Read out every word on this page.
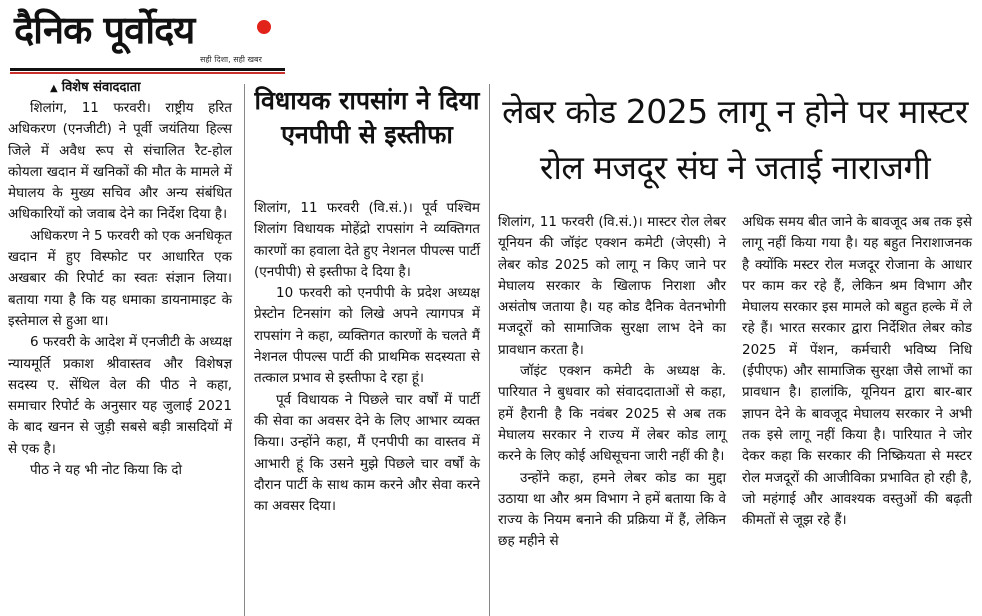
दैनिक पूर्वोदय
सही दिशा, सही खबर
▲ विशेष संवाददाता

शिलांग, 11 फरवरी। राष्ट्रीय हरित अधिकरण (एनजीटी) ने पूर्वी जयंतिया हिल्स जिले में अवैध रूप से संचालित रैट-होल कोयला खदान में खनिकों की मौत के मामले में मेघालय के मुख्य सचिव और अन्य संबंधित अधिकारियों को जवाब देने का निर्देश दिया है।

अधिकरण ने 5 फरवरी को एक अनधिकृत खदान में हुए विस्फोट पर आधारित एक अखबार की रिपोर्ट का स्वतः संज्ञान लिया। बताया गया है कि यह धमाका डायनामाइट के इस्तेमाल से हुआ था।

6 फरवरी के आदेश में एनजीटी के अध्यक्ष न्यायमूर्ति प्रकाश श्रीवास्तव और विशेषज्ञ सदस्य ए. सेंथिल वेल की पीठ ने कहा, समाचार रिपोर्ट के अनुसार यह जुलाई 2021 के बाद खनन से जुड़ी सबसे बड़ी त्रासदियों में से एक है।

पीठ ने यह भी नोट किया कि दो

विधायक रापसांग ने दिया एनपीपी से इस्तीफा

शिलांग, 11 फरवरी (वि.सं.)। पूर्व पश्चिम शिलांग विधायक मोहेंद्रो रापसांग ने व्यक्तिगत कारणों का हवाला देते हुए नेशनल पीपल्स पार्टी (एनपीपी) से इस्तीफा दे दिया है।

10 फरवरी को एनपीपी के प्रदेश अध्यक्ष प्रेस्टोन टिनसांग को लिखे अपने त्यागपत्र में रापसांग ने कहा, व्यक्तिगत कारणों के चलते मैं नेशनल पीपल्स पार्टी की प्राथमिक सदस्यता से तत्काल प्रभाव से इस्तीफा दे रहा हूं।

पूर्व विधायक ने पिछले चार वर्षों में पार्टी की सेवा का अवसर देने के लिए आभार व्यक्त किया। उन्होंने कहा, मैं एनपीपी का वास्तव में आभारी हूं कि उसने मुझे पिछले चार वर्षों के दौरान पार्टी के साथ काम करने और सेवा करने का अवसर दिया।

लेबर कोड 2025 लागू न होने पर मास्टर रोल मजदूर संघ ने जताई नाराजगी

शिलांग, 11 फरवरी (वि.सं.)। मास्टर रोल लेबर यूनियन की जॉइंट एक्शन कमेटी (जेएसी) ने लेबर कोड 2025 को लागू न किए जाने पर मेघालय सरकार के खिलाफ निराशा और असंतोष जताया है। यह कोड दैनिक वेतनभोगी मजदूरों को सामाजिक सुरक्षा लाभ देने का प्रावधान करता है।

जॉइंट एक्शन कमेटी के अध्यक्ष के. पारियात ने बुधवार को संवाददाताओं से कहा, हमें हैरानी है कि नवंबर 2025 से अब तक मेघालय सरकार ने राज्य में लेबर कोड लागू करने के लिए कोई अधिसूचना जारी नहीं की है।

उन्होंने कहा, हमने लेबर कोड का मुद्दा उठाया था और श्रम विभाग ने हमें बताया कि वे राज्य के नियम बनाने की प्रक्रिया में हैं, लेकिन छह महीने से

अधिक समय बीत जाने के बावजूद अब तक इसे लागू नहीं किया गया है। यह बहुत निराशाजनक है क्योंकि मस्टर रोल मजदूर रोजाना के आधार पर काम कर रहे हैं, लेकिन श्रम विभाग और मेघालय सरकार इस मामले को बहुत हल्के में ले रहे हैं। भारत सरकार द्वारा निर्देशित लेबर कोड 2025 में पेंशन, कर्मचारी भविष्य निधि (ईपीएफ) और सामाजिक सुरक्षा जैसे लाभों का प्रावधान है। हालांकि, यूनियन द्वारा बार-बार ज्ञापन देने के बावजूद मेघालय सरकार ने अभी तक इसे लागू नहीं किया है। पारियात ने जोर देकर कहा कि सरकार की निष्क्रियता से मस्टर रोल मजदूरों की आजीविका प्रभावित हो रही है, जो महंगाई और आवश्यक वस्तुओं की बढ़ती कीमतों से जूझ रहे हैं।
